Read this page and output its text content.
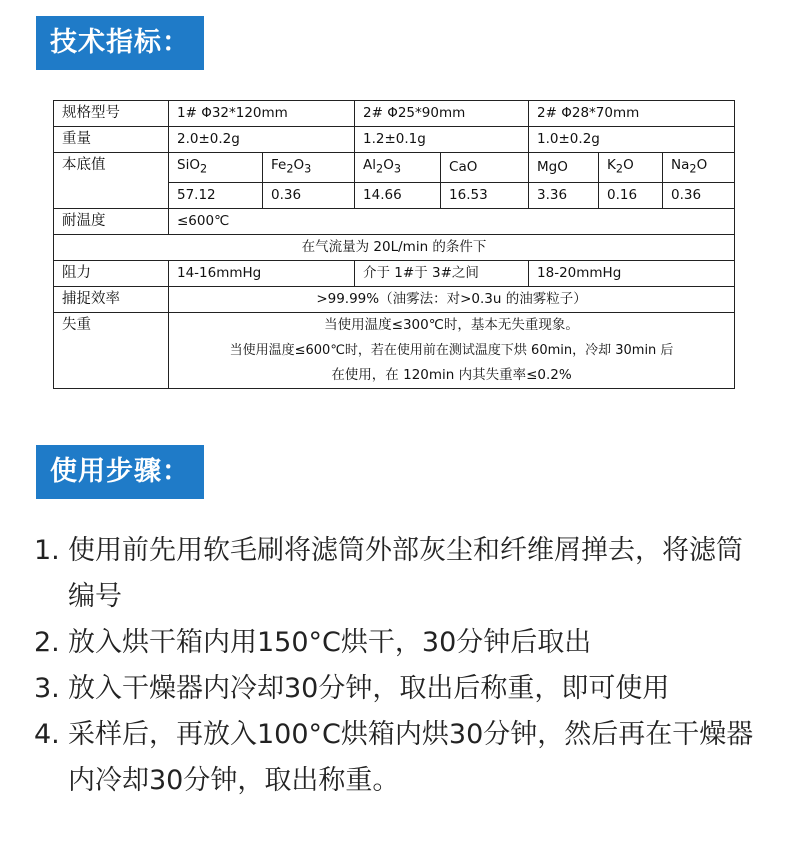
技术指标：
规格型号	1# Φ32*120mm		2# Φ25*90mm		2# Φ28*70mm		
重量	2.0±0.2g		1.2±0.1g		1.0±0.2g		
本底值	SiO$_2$	$Fe_2O_3$	$Al_2O_3$	CaO	MgO	$K_2O$	$Na_2O$
	57.12	0.36	14.66	16.53	3.36	0.16	0.36
耐温度	≤600℃						
在气流量为 20L/min 的条件下							
阻力	14-16mmHg		介于 1#于 3#之间		18-20mmHg		
捕捉效率	>99.99%（油雾法：对>0.3u 的油雾粒子）						
失重	当使用温度≤300℃时，基本无失重现象。
当使用温度≤600℃时，若在使用前在测试温度下烘 60min，冷却 30min 后
在使用，在 120min 内其失重率≤0.2%						
使用步骤：
1. 使用前先用软毛刷将滤筒外部灰尘和纤维屑掸去，将滤筒编号
2. 放入烘干箱内用150°C烘干，30分钟后取出
3. 放入干燥器内冷却30分钟，取出后称重，即可使用
4. 采样后，再放入100°C烘箱内烘30分钟，然后再在干燥器内冷却30分钟，取出称重。
